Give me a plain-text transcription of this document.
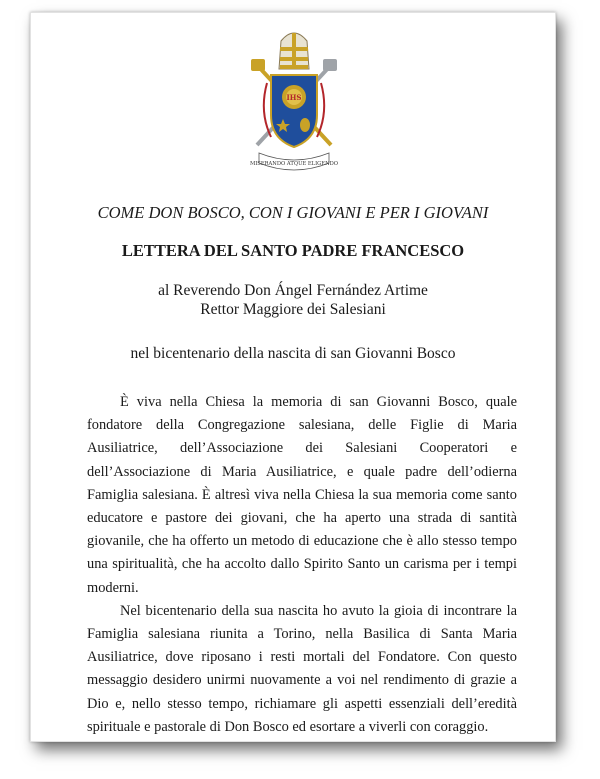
IHS
MISERANDO ATQUE ELIGENDO
COME DON BOSCO, CON I GIOVANI E PER I GIOVANI
LETTERA DEL SANTO PADRE FRANCESCO
al Reverendo Don Ángel Fernández Artime
Rettor Maggiore dei Salesiani
nel bicentenario della nascita di san Giovanni Bosco

È viva nella Chiesa la memoria di san Giovanni Bosco, quale fondatore della Congregazione salesiana, delle Figlie di Maria Ausiliatrice, dell’Associazione dei Salesiani Cooperatori e dell’Associazione di Maria Ausiliatrice, e quale padre dell’odierna Famiglia salesiana. È altresì viva nella Chiesa la sua memoria come santo educatore e pastore dei giovani, che ha aperto una strada di santità giovanile, che ha offerto un metodo di educazione che è allo stesso tempo una spiritualità, che ha accolto dallo Spirito Santo un carisma per i tempi moderni.

Nel bicentenario della sua nascita ho avuto la gioia di incontrare la Famiglia salesiana riunita a Torino, nella Basilica di Santa Maria Ausiliatrice, dove riposano i resti mortali del Fondatore. Con questo messaggio desidero unirmi nuovamente a voi nel rendimento di grazie a Dio e, nello stesso tempo, richiamare gli aspetti essenziali dell’eredità spirituale e pastorale di Don Bosco ed esortare a viverli con coraggio.
